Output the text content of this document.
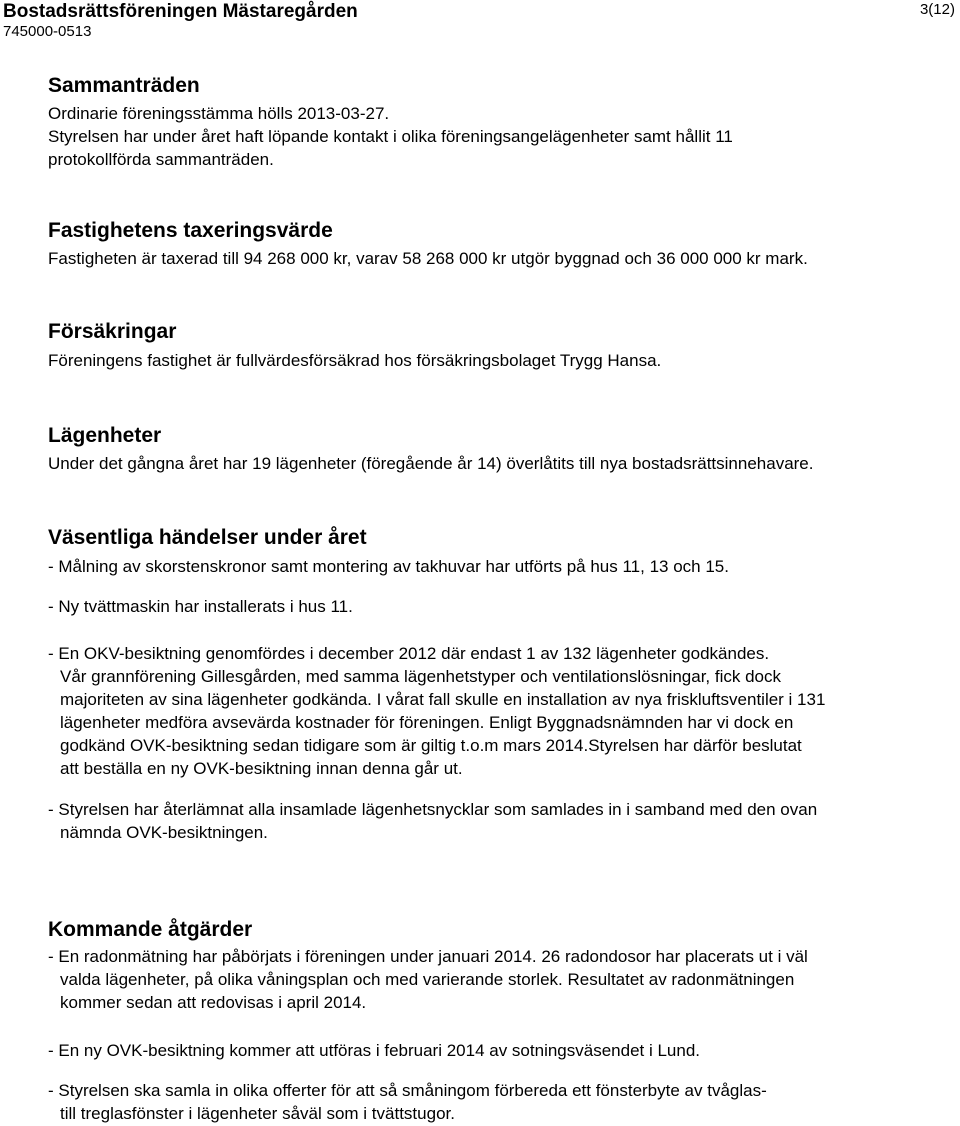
Bostadsrättsföreningen Mästaregården
745000-0513
3(12)
Sammanträden
Ordinarie föreningsstämma hölls 2013-03-27.
Styrelsen har under året haft löpande kontakt i olika föreningsangelägenheter samt hållit 11
protokollförda sammanträden.
Fastighetens taxeringsvärde
Fastigheten är taxerad till 94 268 000 kr, varav 58 268 000 kr utgör byggnad och 36 000 000 kr mark.
Försäkringar
Föreningens fastighet är fullvärdesförsäkrad hos försäkringsbolaget Trygg Hansa.
Lägenheter
Under det gångna året har 19 lägenheter (föregående år 14) överlåtits till nya bostadsrättsinnehavare.
Väsentliga händelser under året
- Målning av skorstenskronor samt montering av takhuvar har utförts på hus 11, 13 och 15.
- Ny tvättmaskin har installerats i hus 11.
- En OKV-besiktning genomfördes i december 2012 där endast 1 av 132 lägenheter godkändes.
Vår grannförening Gillesgården, med samma lägenhetstyper och ventilationslösningar, fick dock
majoriteten av sina lägenheter godkända. I vårat fall skulle en installation av nya friskluftsventiler i 131
lägenheter medföra avsevärda kostnader för föreningen. Enligt Byggnadsnämnden har vi dock en
godkänd OVK-besiktning sedan tidigare som är giltig t.o.m mars 2014.Styrelsen har därför beslutat
att beställa en ny OVK-besiktning innan denna går ut.
- Styrelsen har återlämnat alla insamlade lägenhetsnycklar som samlades in i samband med den ovan
nämnda OVK-besiktningen.
Kommande åtgärder
- En radonmätning har påbörjats i föreningen under januari 2014. 26 radondosor har placerats ut i väl
valda lägenheter, på olika våningsplan och med varierande storlek. Resultatet av radonmätningen
kommer sedan att redovisas i april 2014.
- En ny OVK-besiktning kommer att utföras i februari 2014 av sotningsväsendet i Lund.
- Styrelsen ska samla in olika offerter för att så småningom förbereda ett fönsterbyte av tvåglas-
till treglasfönster i lägenheter såväl som i tvättstugor.
